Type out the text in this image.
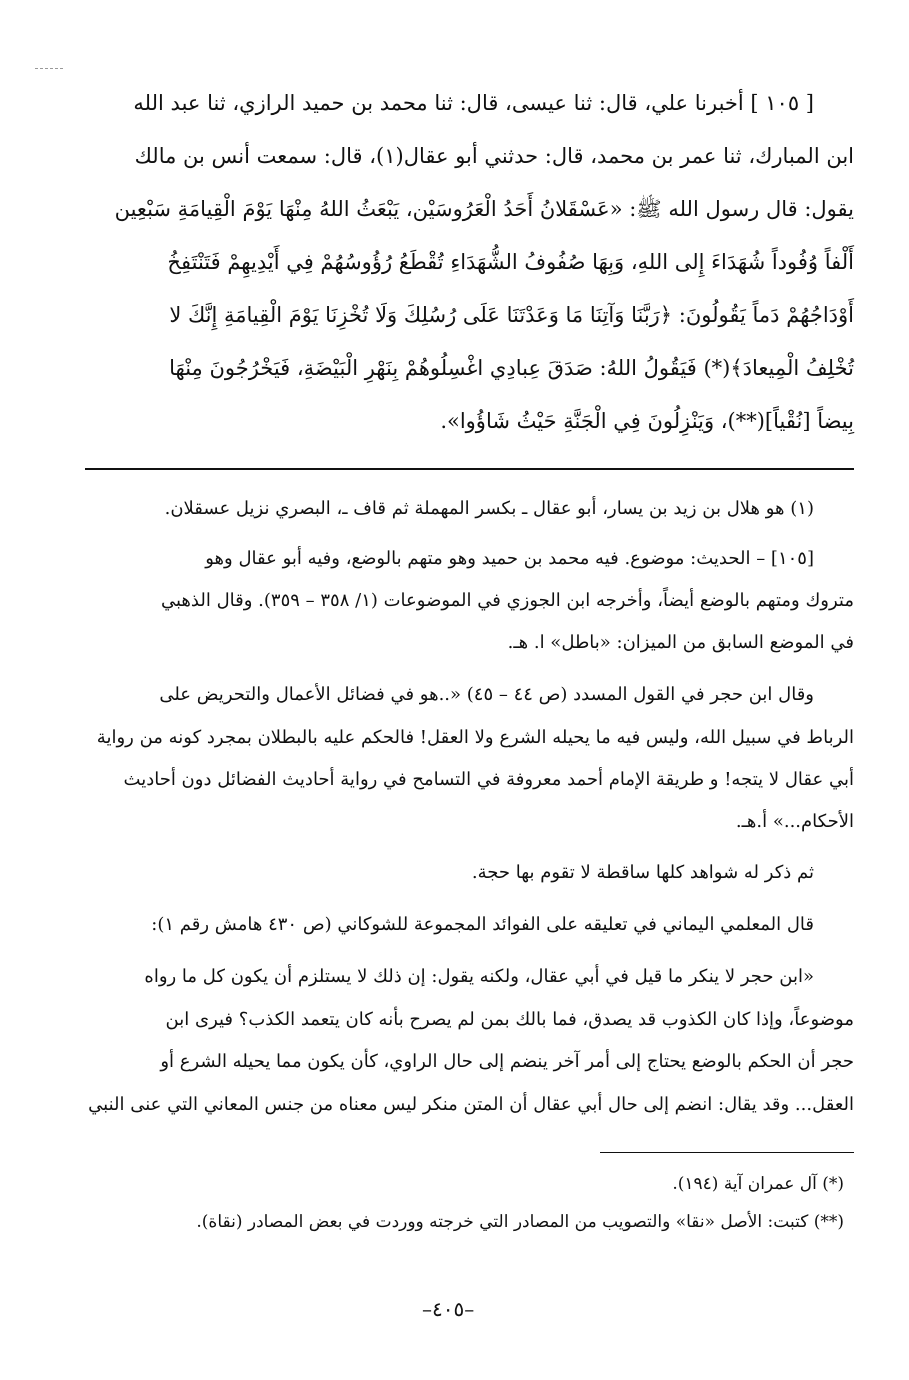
[ ١٠٥ ] أخبرنا علي، قال: ثنا عيسى، قال: ثنا محمد بن حميد الرازي، ثنا عبد الله
ابن المبارك، ثنا عمر بن محمد، قال: حدثني أبو عقال(١)، قال: سمعت أنس بن مالك
يقول: قال رسول الله ﷺ: «عَسْقَلانُ أَحَدُ الْعَرُوسَيْن، يَبْعَثُ اللهُ مِنْهَا يَوْمَ الْقِيامَةِ سَبْعِين
أَلْفاً وُفُوداً شُهَدَاءَ إِلى اللهِ، وَبِهَا صُفُوفُ الشُّهَدَاءِ تُقْطَعُ رُؤُوسُهُمْ فِي أَيْدِيهِمْ فَتَنْتَفِخُ
أَوْدَاجُهُمْ دَماً يَقُولُونَ: ﴿رَبَّنَا وَآتِنَا مَا وَعَدْتَنَا عَلَى رُسُلِكَ وَلَا تُخْزِنَا يَوْمَ الْقِيامَةِ إِنَّكَ لا
تُخْلِفُ الْمِيعادَ﴾(*) فَيَقُولُ اللهُ: صَدَقَ عِبادِي اغْسِلُوهُمْ بِنَهْرِ الْبَيْضَةِ، فَيَخْرُجُونَ مِنْهَا
بِيضاً [نُقْياً](**)، وَيَنْزِلُونَ فِي الْجَنَّةِ حَيْثُ شَاؤُوا».
(١) هو هلال بن زيد بن يسار، أبو عقال ـ بكسر المهملة ثم قاف ـ، البصري نزيل عسقلان.
[١٠٥] – الحديث: موضوع. فيه محمد بن حميد وهو متهم بالوضع، وفيه أبو عقال وهو
متروك ومتهم بالوضع أيضاً، وأخرجه ابن الجوزي في الموضوعات (١/ ٣٥٨ – ٣٥٩). وقال الذهبي
في الموضع السابق من الميزان: «باطل» ا. هـ.
وقال ابن حجر في القول المسدد (ص ٤٤ – ٤٥) «..هو في فضائل الأعمال والتحريض على
الرباط في سبيل الله، وليس فيه ما يحيله الشرع ولا العقل! فالحكم عليه بالبطلان بمجرد كونه من رواية
أبي عقال لا يتجه! و طريقة الإمام أحمد معروفة في التسامح في رواية أحاديث الفضائل دون أحاديث
الأحكام...» أ.هـ.
ثم ذكر له شواهد كلها ساقطة لا تقوم بها حجة.
قال المعلمي اليماني في تعليقه على الفوائد المجموعة للشوكاني (ص ٤٣٠ هامش رقم ١):
«ابن حجر لا ينكر ما قيل في أبي عقال، ولكنه يقول: إن ذلك لا يستلزم أن يكون كل ما رواه
موضوعاً، وإذا كان الكذوب قد يصدق، فما بالك بمن لم يصرح بأنه كان يتعمد الكذب؟ فيرى ابن
حجر أن الحكم بالوضع يحتاج إلى أمر آخر ينضم إلى حال الراوي، كأن يكون مما يحيله الشرع أو
العقل... وقد يقال: انضم إلى حال أبي عقال أن المتن منكر ليس معناه من جنس المعاني التي عنى النبي
(*) آل عمران آية (١٩٤).
(**) كتبت: الأصل «نقا» والتصويب من المصادر التي خرجته ووردت في بعض المصادر (نقاة).
–٤٠٥–
